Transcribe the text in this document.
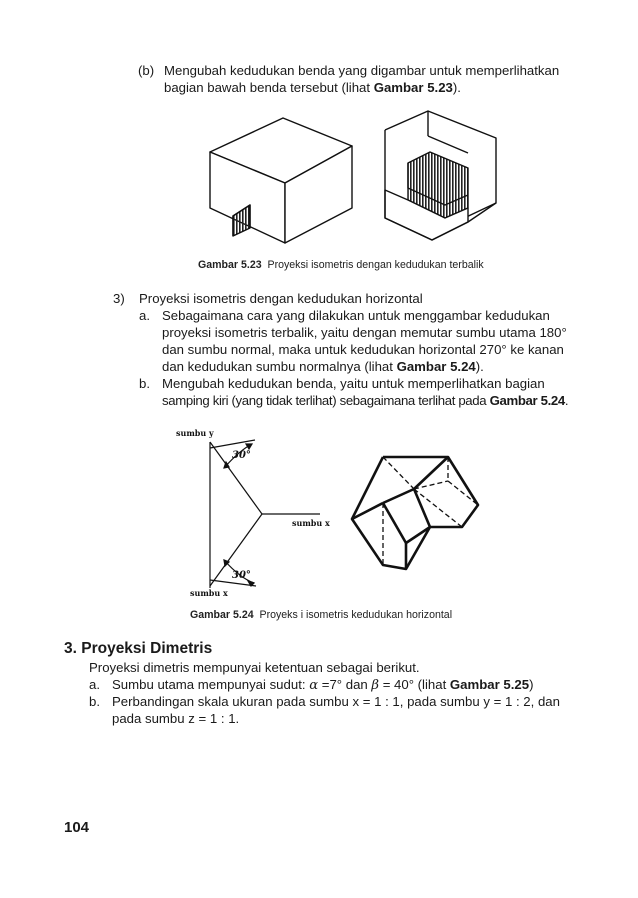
(b) Mengubah kedudukan benda yang digambar untuk memperlihatkan
bagian bawah benda tersebut (lihat Gambar 5.23).
Gambar 5.23 Proyeksi isometris dengan kedudukan terbalik
3) Proyeksi isometris dengan kedudukan horizontal
a. Sebagaimana cara yang dilakukan untuk menggambar kedudukan
proyeksi isometris terbalik, yaitu dengan memutar sumbu utama 180°
dan sumbu normal, maka untuk kedudukan horizontal 270° ke kanan
dan kedudukan sumbu normalnya (lihat Gambar 5.24).
b. Mengubah kedudukan benda, yaitu untuk memperlihatkan bagian
samping kiri (yang tidak terlihat) sebagaimana terlihat pada Gambar 5.24.
sumbu y
sumbu x
sumbu x
30°
30°
Gambar 5.24 Proyeks i isometris kedudukan horizontal
3. Proyeksi Dimetris
Proyeksi dimetris mempunyai ketentuan sebagai berikut.
a. Sumbu utama mempunyai sudut: α =7° dan β = 40° (lihat Gambar 5.25)
b. Perbandingan skala ukuran pada sumbu x = 1 : 1, pada sumbu y = 1 : 2, dan
pada sumbu z = 1 : 1.
104
